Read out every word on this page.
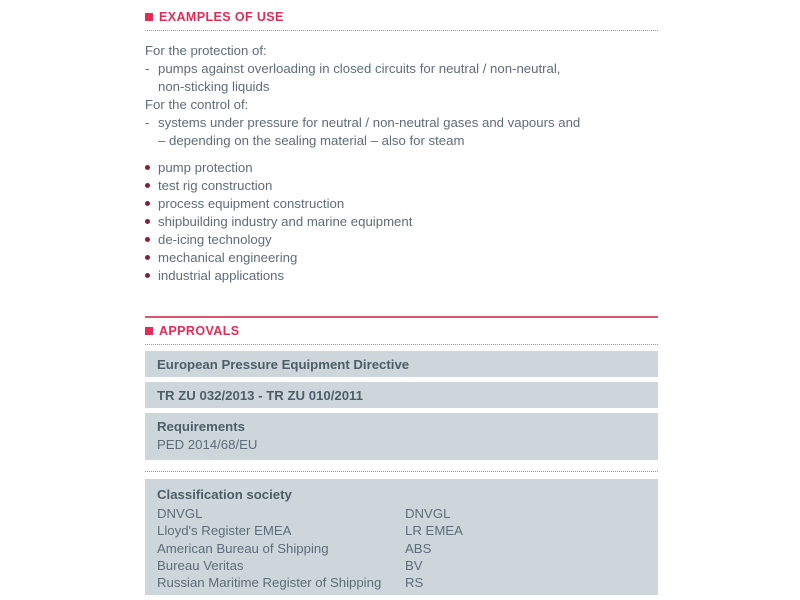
EXAMPLES OF USE
For the protection of:
- pumps against overloading in closed circuits for neutral / non-neutral,
non-sticking liquids
For the control of:
- systems under pressure for neutral / non-neutral gases and vapours and
– depending on the sealing material – also for steam
pump protection
test rig construction
process equipment construction
shipbuilding industry and marine equipment
de-icing technology
mechanical engineering
industrial applications
APPROVALS
European Pressure Equipment Directive
TR ZU 032/2013 - TR ZU 010/2011
Requirements
PED 2014/68/EU
Classification society
DNVGL	DNVGL
Lloyd's Register EMEA	LR EMEA
American Bureau of Shipping	ABS
Bureau Veritas	BV
Russian Maritime Register of Shipping	RS
